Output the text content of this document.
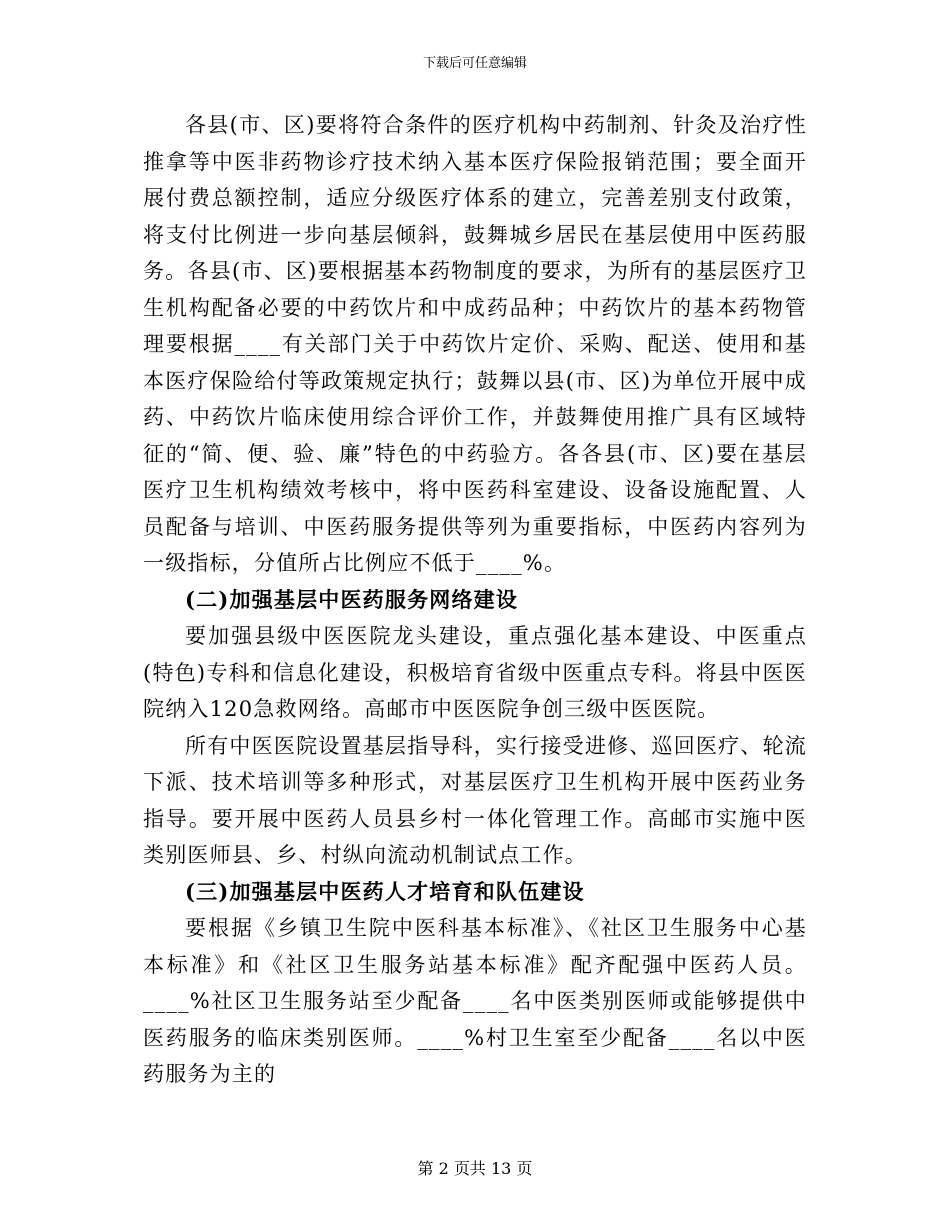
下载后可任意编辑

各县(市、区)要将符合条件的医疗机构中药制剂、针灸及治疗性推拿等中医非药物诊疗技术纳入基本医疗保险报销范围；要全面开展付费总额控制，适应分级医疗体系的建立，完善差别支付政策，将支付比例进一步向基层倾斜，鼓舞城乡居民在基层使用中医药服务。各县(市、区)要根据基本药物制度的要求，为所有的基层医疗卫生机构配备必要的中药饮片和中成药品种；中药饮片的基本药物管理要根据____有关部门关于中药饮片定价、采购、配送、使用和基本医疗保险给付等政策规定执行；鼓舞以县(市、区)为单位开展中成药、中药饮片临床使用综合评价工作，并鼓舞使用推广具有区域特征的“简、便、验、廉”特色的中药验方。各各县(市、区)要在基层医疗卫生机构绩效考核中，将中医药科室建设、设备设施配置、人员配备与培训、中医药服务提供等列为重要指标，中医药内容列为一级指标，分值所占比例应不低于____%。

(二)加强基层中医药服务网络建设

要加强县级中医医院龙头建设，重点强化基本建设、中医重点(特色)专科和信息化建设，积极培育省级中医重点专科。将县中医医院纳入120急救网络。高邮市中医医院争创三级中医医院。

所有中医医院设置基层指导科，实行接受进修、巡回医疗、轮流下派、技术培训等多种形式，对基层医疗卫生机构开展中医药业务指导。要开展中医药人员县乡村一体化管理工作。高邮市实施中医类别医师县、乡、村纵向流动机制试点工作。

(三)加强基层中医药人才培育和队伍建设

要根据《乡镇卫生院中医科基本标准》、《社区卫生服务中心基本标准》和《社区卫生服务站基本标准》配齐配强中医药人员。____%社区卫生服务站至少配备____名中医类别医师或能够提供中医药服务的临床类别医师。____%村卫生室至少配备____名以中医药服务为主的

第 2 页共 13 页
